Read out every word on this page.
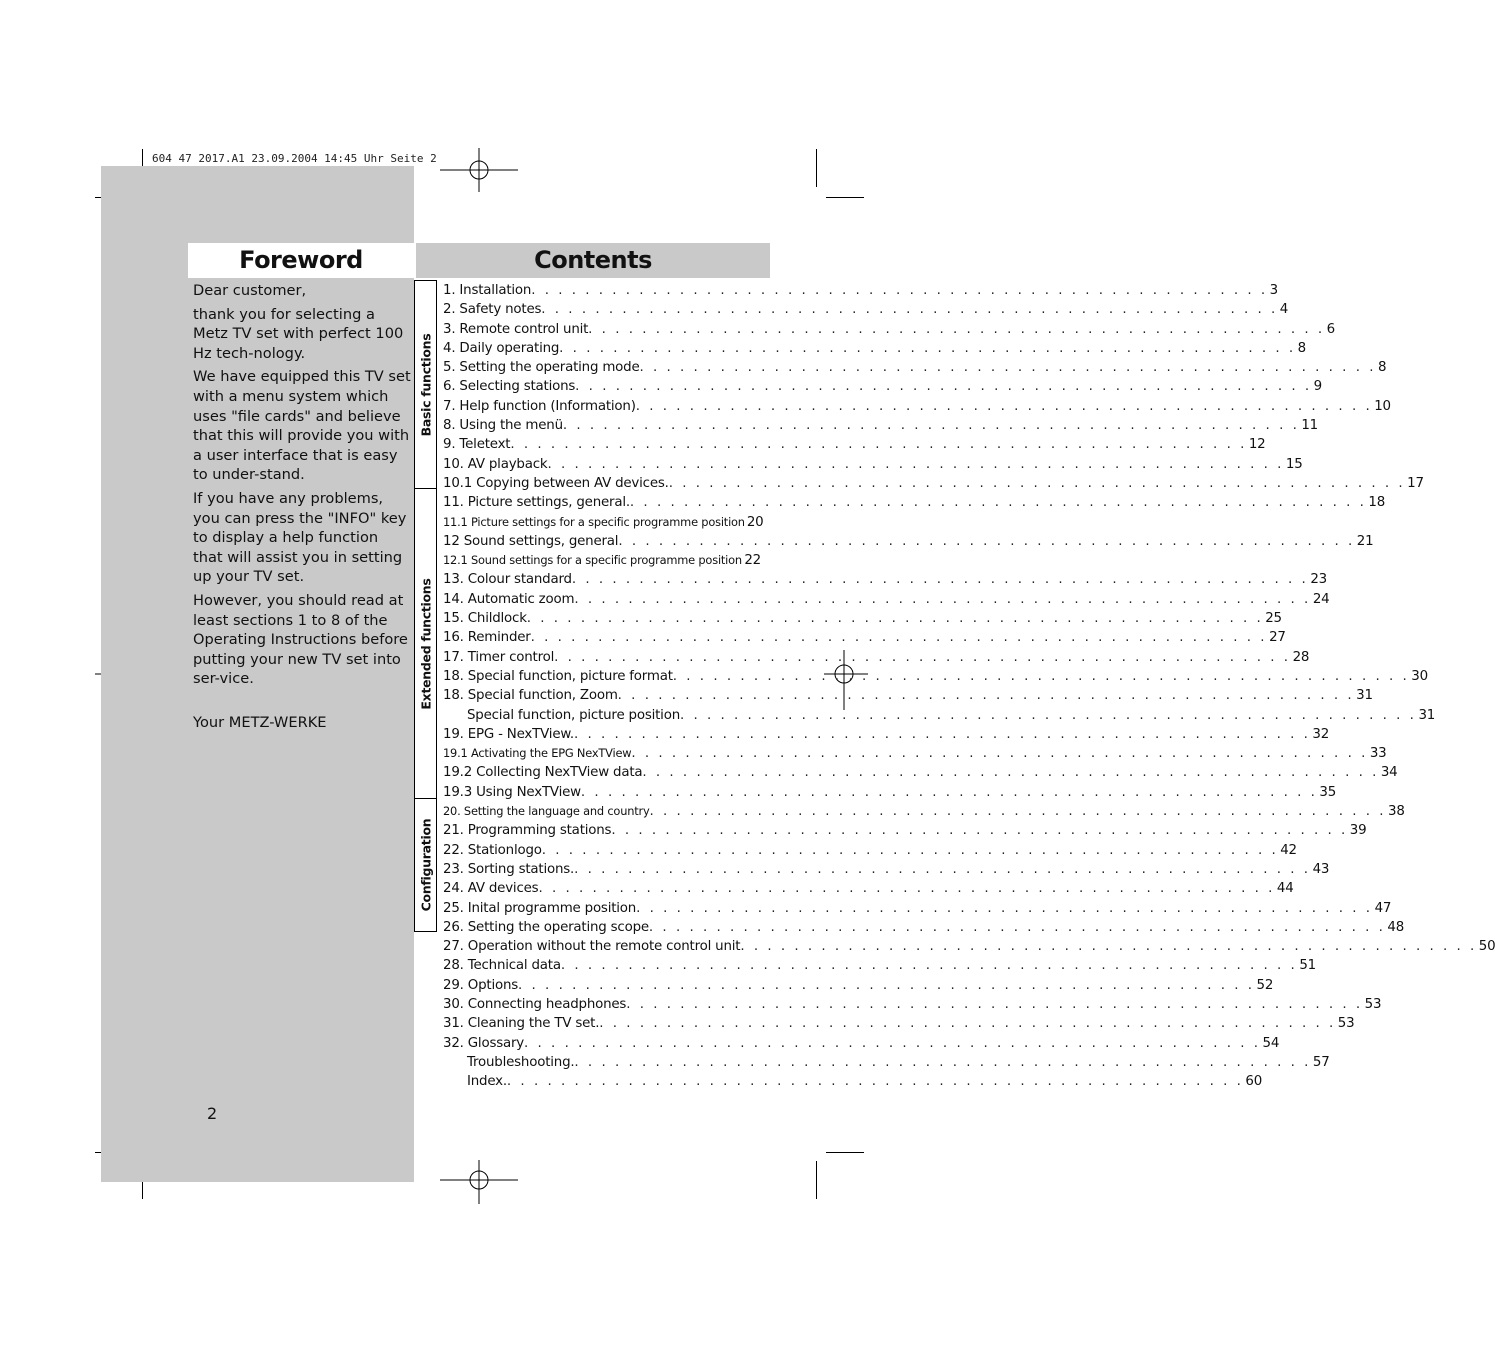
604 47 2017.A1 23.09.2004 14:45 Uhr Seite 2
Foreword	Contents

Dear customer,

thank you for selecting a Metz TV set with perfect 100 Hz tech-nology.

We have equipped this TV set with a menu system which uses "file cards" and believe that this will provide you with a user interface that is easy to under-stand.

If you have any problems, you can press the "INFO" key to display a help function that will assist you in setting up your TV set.

However, you should read at least sections 1 to 8 of the Operating Instructions before putting your new TV set into ser-vice.

Your METZ-WERKE

2
Basic functions
Extended functions
Configuration
1. Installation . . .	3
2. Safety notes . . .	4
3. Remote control unit . . .	6
4. Daily operating . . .	8
5. Setting the operating mode . . .	8
6. Selecting stations . . .	9
7. Help function (Information) . . .	10
8. Using the menü . . .	11
9. Teletext . . .	12
10. AV playback . . .	15
10.1 Copying between AV devices. . . .	17
11. Picture settings, general. . . .	18
11.1 Picture settings for a specific programme position 20
12 Sound settings, general . . .	21
12.1 Sound settings for a specific programme position 22
13. Colour standard . . .	23
14. Automatic zoom . . .	24
15. Childlock . . .	25
16. Reminder . . .	27
17. Timer control . . .	28
18. Special function, picture format . . .	30
18. Special function, Zoom . . .	31
Special function, picture position . . .	31
19. EPG - NexTView. . . .	32
19.1 Activating the EPG NexTView . . .	33
19.2 Collecting NexTView data . . .	34
19.3 Using NexTView . . .	35
20. Setting the language and country . . .	38
21. Programming stations . . .	39
22. Stationlogo . . .	42
23. Sorting stations. . . .	43
24. AV devices . . .	44
25. Inital programme position . . .	47
26. Setting the operating scope . . .	48
27. Operation without the remote control unit . . .	50
28. Technical data . . .	51
29. Options . . .	52
30. Connecting headphones . . .	53
31. Cleaning the TV set. . . .	53
32. Glossary . . .	54
Troubleshooting. . . .	57
Index. . . .	60
